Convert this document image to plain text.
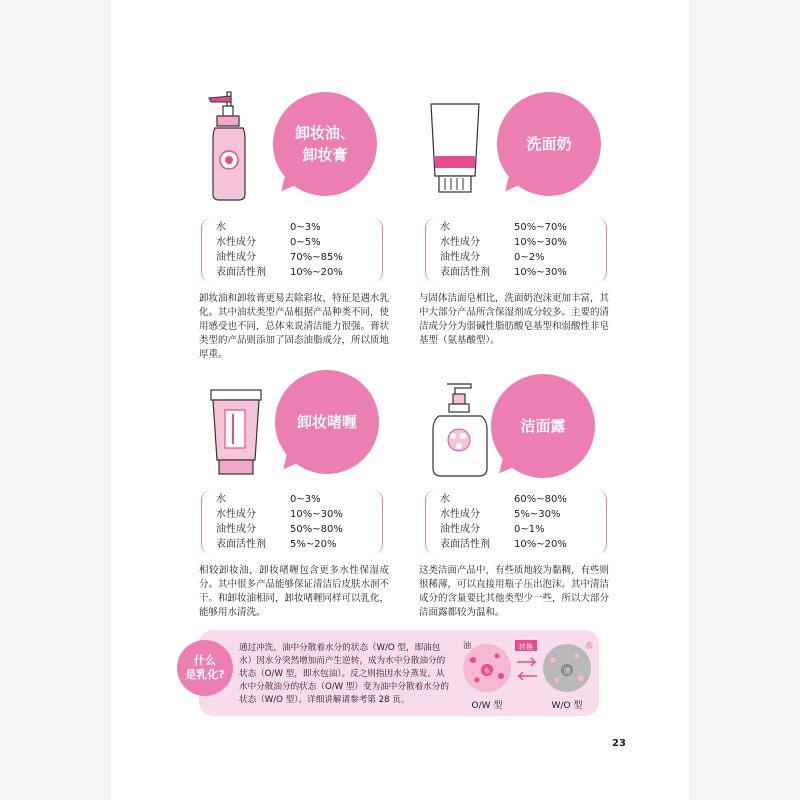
卸妆油、
卸妆膏
水	0~3%
水性成分	0~5%
油性成分	70%~85%
表面活性剂	10%~20%
卸妆油和卸妆膏更易去除彩妆，特征是遇水乳化。其中油状类型产品根据产品种类不同，使用感受也不同，总体来说清洁能力很强。膏状类型的产品则添加了固态油脂成分，所以质地厚重。
洗面奶
水	50%~70%
水性成分	10%~30%
油性成分	0~2%
表面活性剂	10%~30%
与固体洁面皂相比，洗面奶泡沫更加丰富，其中大部分产品所含保湿剂成分较多。主要的清洁成分分为弱碱性脂肪酸皂基型和弱酸性非皂基型（氨基酸型）。
卸妆啫喱
水	0~3%
水性成分	10%~30%
油性成分	50%~80%
表面活性剂	5%~20%
相较卸妆油，卸妆啫喱包含更多水性保湿成分。其中很多产品能够保证清洁后皮肤水润不干。和卸妆油相同，卸妆啫喱同样可以乳化，能够用水清洗。
洁面露
水	60%~80%
水性成分	5%~30%
油性成分	0~1%
表面活性剂	10%~20%
这类洁面产品中，有些质地较为黏稠，有些则很稀薄，可以直接用瓶子压出泡沫。其中清洁成分的含量要比其他类型少一些，所以大部分洁面露都较为温和。
什么
是乳化?
通过冲洗，油中分散着水分的状态（W/O 型，即油包水）因水分突然增加而产生逆转，成为水中分散油分的状态（O/W 型，即水包油）。反之则指因水分蒸发，从水中分散油分的状态（O/W 型）变为油中分散着水分的状态（W/O 型）。详细讲解请参考第 28 页。
转换
油
水
水
油
O/W 型	W/O 型
23
